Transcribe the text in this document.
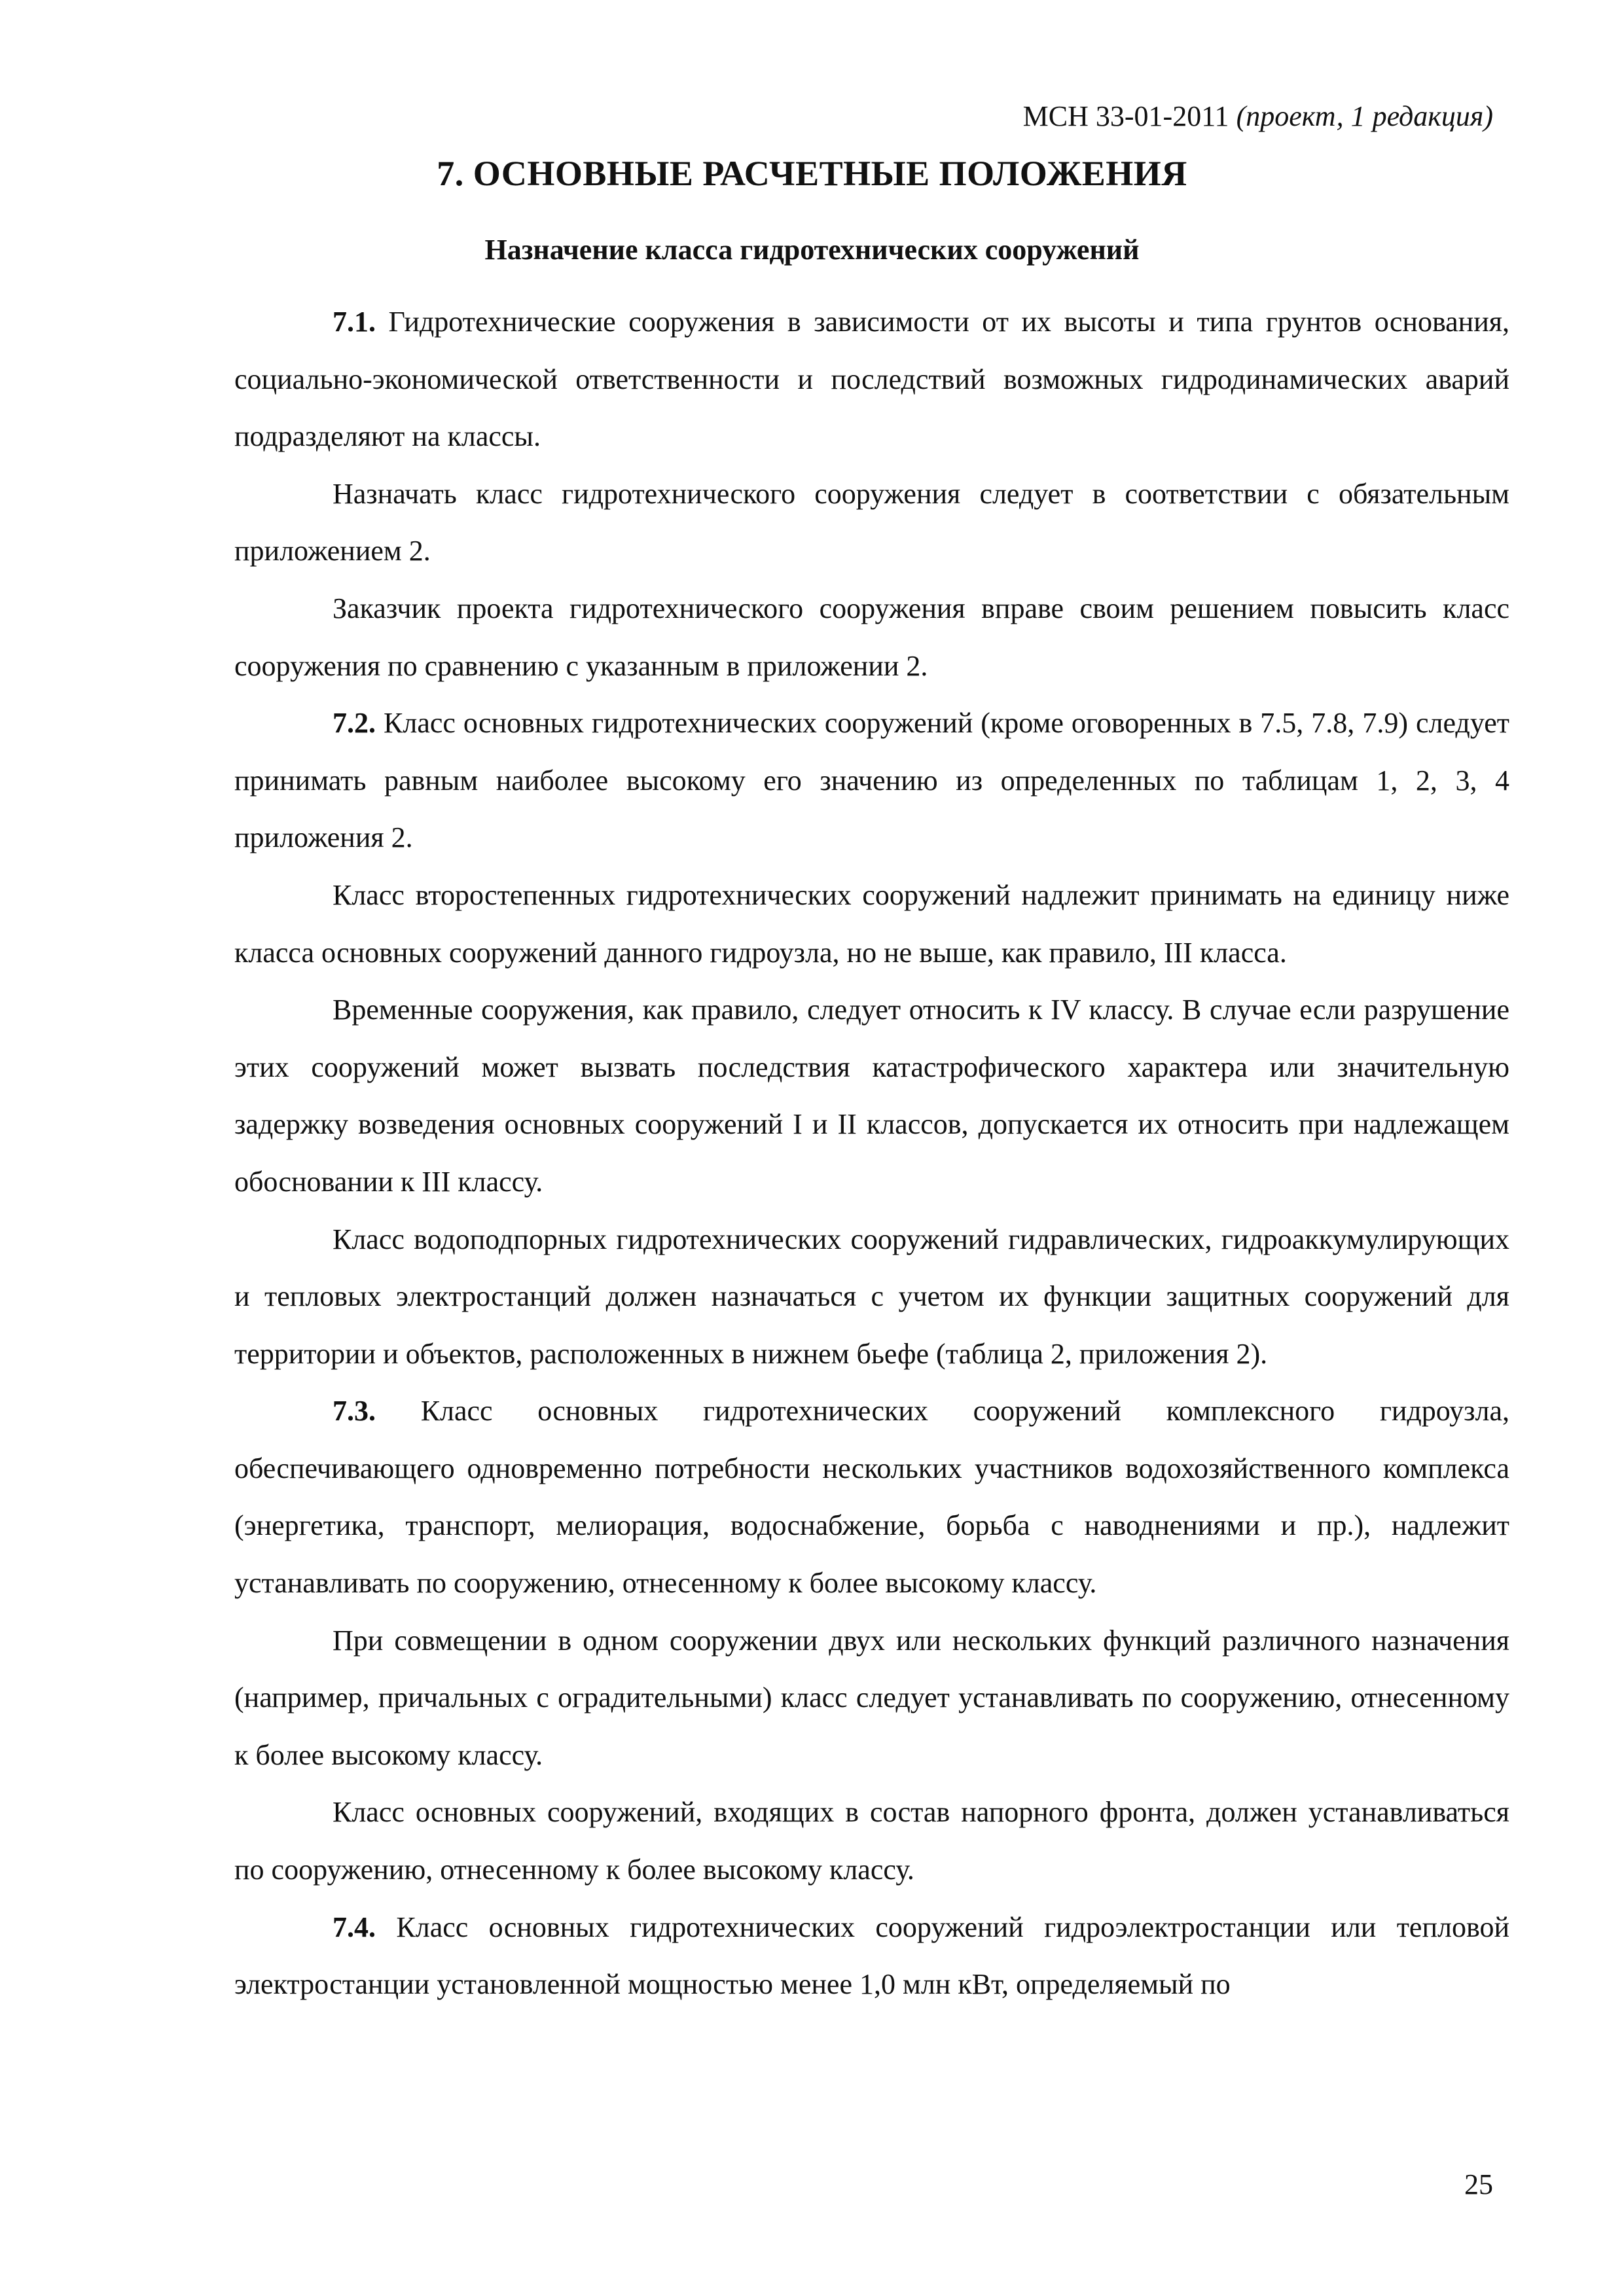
МСН 33-01-2011 (проект, 1 редакция)
7. ОСНОВНЫЕ РАСЧЕТНЫЕ ПОЛОЖЕНИЯ
Назначение класса гидротехнических сооружений

7.1. Гидротехнические сооружения в зависимости от их высоты и типа грунтов основания, социально-экономической ответственности и последствий возможных гидродинамических аварий подразделяют на классы.

Назначать класс гидротехнического сооружения следует в соответствии с обязательным приложением 2.

Заказчик проекта гидротехнического сооружения вправе своим решением повысить класс сооружения по сравнению с указанным в приложении 2.

7.2. Класс основных гидротехнических сооружений (кроме оговоренных в 7.5, 7.8, 7.9) следует принимать равным наиболее высокому его значению из определенных по таблицам 1, 2, 3, 4 приложения 2.

Класс второстепенных гидротехнических сооружений надлежит принимать на единицу ниже класса основных сооружений данного гидроузла, но не выше, как правило, III класса.

Временные сооружения, как правило, следует относить к IV классу. В случае если разрушение этих сооружений может вызвать последствия катастрофического характера или значительную задержку возведения основных сооружений I и II классов, допускается их относить при надлежащем обосновании к III классу.

Класс водоподпорных гидротехнических сооружений гидравлических, гидроаккумулирующих и тепловых электростанций должен назначаться с учетом их функции защитных сооружений для территории и объектов, расположенных в нижнем бьефе (таблица 2, приложения 2).

7.3. Класс основных гидротехнических сооружений комплексного гидроузла, обеспечивающего одновременно потребности нескольких участников водохозяйственного комплекса (энергетика, транспорт, мелиорация, водоснабжение, борьба с наводнениями и пр.), надлежит устанавливать по сооружению, отнесенному к более высокому классу.

При совмещении в одном сооружении двух или нескольких функций различного назначения (например, причальных с оградительными) класс следует устанавливать по сооружению, отнесенному к более высокому классу.

Класс основных сооружений, входящих в состав напорного фронта, должен устанавливаться по сооружению, отнесенному к более высокому классу.

7.4. Класс основных гидротехнических сооружений гидроэлектростанции или тепловой электростанции установленной мощностью менее 1,0 млн кВт, определяемый по

25
